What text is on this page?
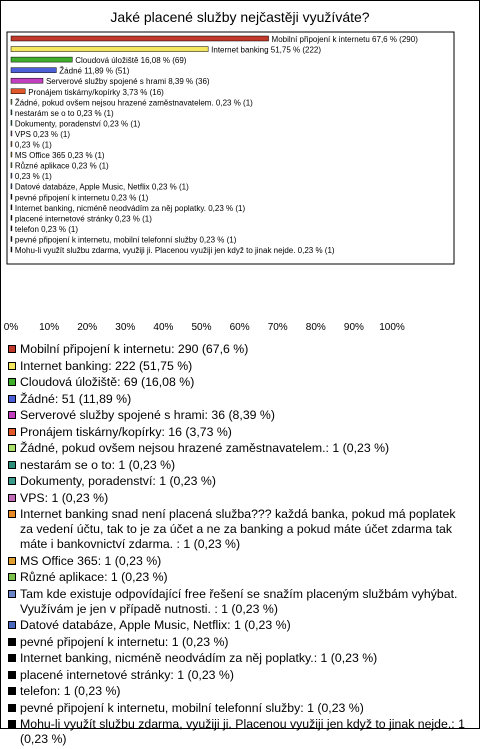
Jaké placené služby nejčastěji využíváte?
Mobilní připojení k internetu 67,6 % (290)
Internet banking 51,75 % (222)
Cloudová úložiště 16,08 % (69)
Žádné 11,89 % (51)
Serverové služby spojené s hrami 8,39 % (36)
Pronájem tiskárny/kopírky 3,73 % (16)
Žádné, pokud ovšem nejsou hrazené zaměstnavatelem. 0,23 % (1)
nestarám se o to 0,23 % (1)
Dokumenty, poradenství 0,23 % (1)
VPS 0,23 % (1)
0,23 % (1)
MS Office 365 0,23 % (1)
Různé aplikace 0,23 % (1)
0,23 % (1)
Datové databáze, Apple Music, Netflix 0,23 % (1)
pevné připojení k internetu 0,23 % (1)
Internet banking, nicméně neodvádím za něj poplatky. 0,23 % (1)
placené internetové stránky 0,23 % (1)
telefon 0,23 % (1)
pevné připojení k internetu, mobilní telefonní služby 0,23 % (1)
Mohu-li využít službu zdarma, využiji ji. Placenou využiji jen když to jinak nejde. 0,23 % (1)
0% 10% 20% 30% 40% 50% 60% 70% 80% 90% 100%
Mobilní připojení k internetu: 290 (67,6 %)
Internet banking: 222 (51,75 %)
Cloudová úložiště: 69 (16,08 %)
Žádné: 51 (11,89 %)
Serverové služby spojené s hrami: 36 (8,39 %)
Pronájem tiskárny/kopírky: 16 (3,73 %)
Žádné, pokud ovšem nejsou hrazené zaměstnavatelem.: 1 (0,23 %)
nestarám se o to: 1 (0,23 %)
Dokumenty, poradenství: 1 (0,23 %)
VPS: 1 (0,23 %)
Internet banking snad není placená služba??? každá banka, pokud má poplatek za vedení účtu, tak to je za účet a ne za banking a pokud máte účet zdarma tak máte i bankovnictví zdarma. : 1 (0,23 %)
MS Office 365: 1 (0,23 %)
Různé aplikace: 1 (0,23 %)
Tam kde existuje odpovídající free řešení se snažím placeným službám vyhýbat. Využívám je jen v případě nutnosti. : 1 (0,23 %)
Datové databáze, Apple Music, Netflix: 1 (0,23 %)
pevné připojení k internetu: 1 (0,23 %)
Internet banking, nicméně neodvádím za něj poplatky.: 1 (0,23 %)
placené internetové stránky: 1 (0,23 %)
telefon: 1 (0,23 %)
pevné připojení k internetu, mobilní telefonní služby: 1 (0,23 %)
Mohu-li využít službu zdarma, využiji ji. Placenou využiji jen když to jinak nejde.: 1 (0,23 %)
